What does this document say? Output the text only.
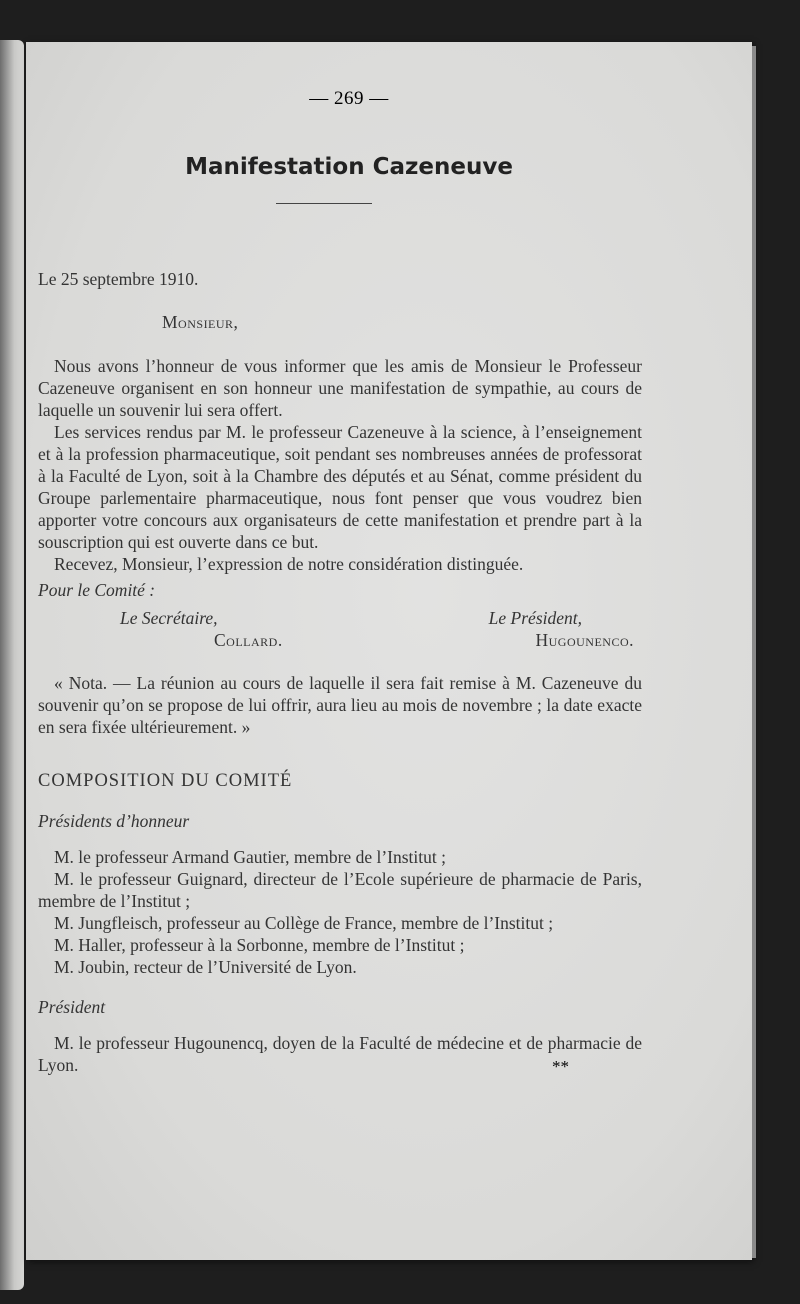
— 269 —
Manifestation Cazeneuve

Le 25 septembre 1910.

Monsieur,

Nous avons l’honneur de vous informer que les amis de Monsieur le Professeur Cazeneuve organisent en son honneur une manifestation de sympathie, au cours de laquelle un souvenir lui sera offert.

Les services rendus par M. le professeur Cazeneuve à la science, à l’enseignement et à la profession pharmaceutique, soit pendant ses nombreuses années de professorat à la Faculté de Lyon, soit à la Chambre des députés et au Sénat, comme président du Groupe parlementaire pharmaceutique, nous font penser que vous voudrez bien apporter votre concours aux organisateurs de cette manifestation et prendre part à la souscription qui est ouverte dans ce but.

Recevez, Monsieur, l’expression de notre considération distinguée.

Pour le Comité :

Le Secrétaire,	Le Président,
Collard.	Hugounenco.

« Nota. — La réunion au cours de laquelle il sera fait remise à M. Cazeneuve du souvenir qu’on se propose de lui offrir, aura lieu au mois de novembre ; la date exacte en sera fixée ultérieurement. »

COMPOSITION DU COMITÉ

Présidents d’honneur

M. le professeur Armand Gautier, membre de l’Institut ;

M. le professeur Guignard, directeur de l’Ecole supérieure de pharmacie de Paris, membre de l’Institut ;

M. Jungfleisch, professeur au Collège de France, membre de l’Institut ;

M. Haller, professeur à la Sorbonne, membre de l’Institut ;

M. Joubin, recteur de l’Université de Lyon.

Président

M. le professeur Hugounencq, doyen de la Faculté de médecine et de pharmacie de Lyon.	**
